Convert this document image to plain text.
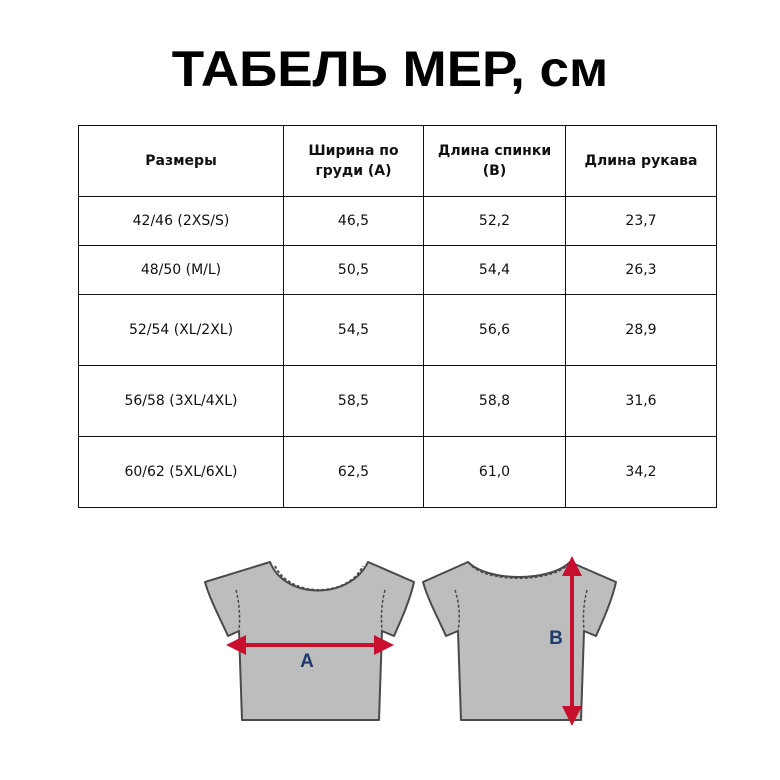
ТАБЕЛЬ МЕР, см
Размеры	Ширина по груди (А)	Длина спинки (В)	Длина рукава
42/46 (2XS/S)	46,5	52,2	23,7
48/50 (M/L)	50,5	54,4	26,3
52/54 (XL/2XL)	54,5	56,6	28,9
56/58 (3XL/4XL)	58,5	58,8	31,6
60/62 (5XL/6XL)	62,5	61,0	34,2
A
B
